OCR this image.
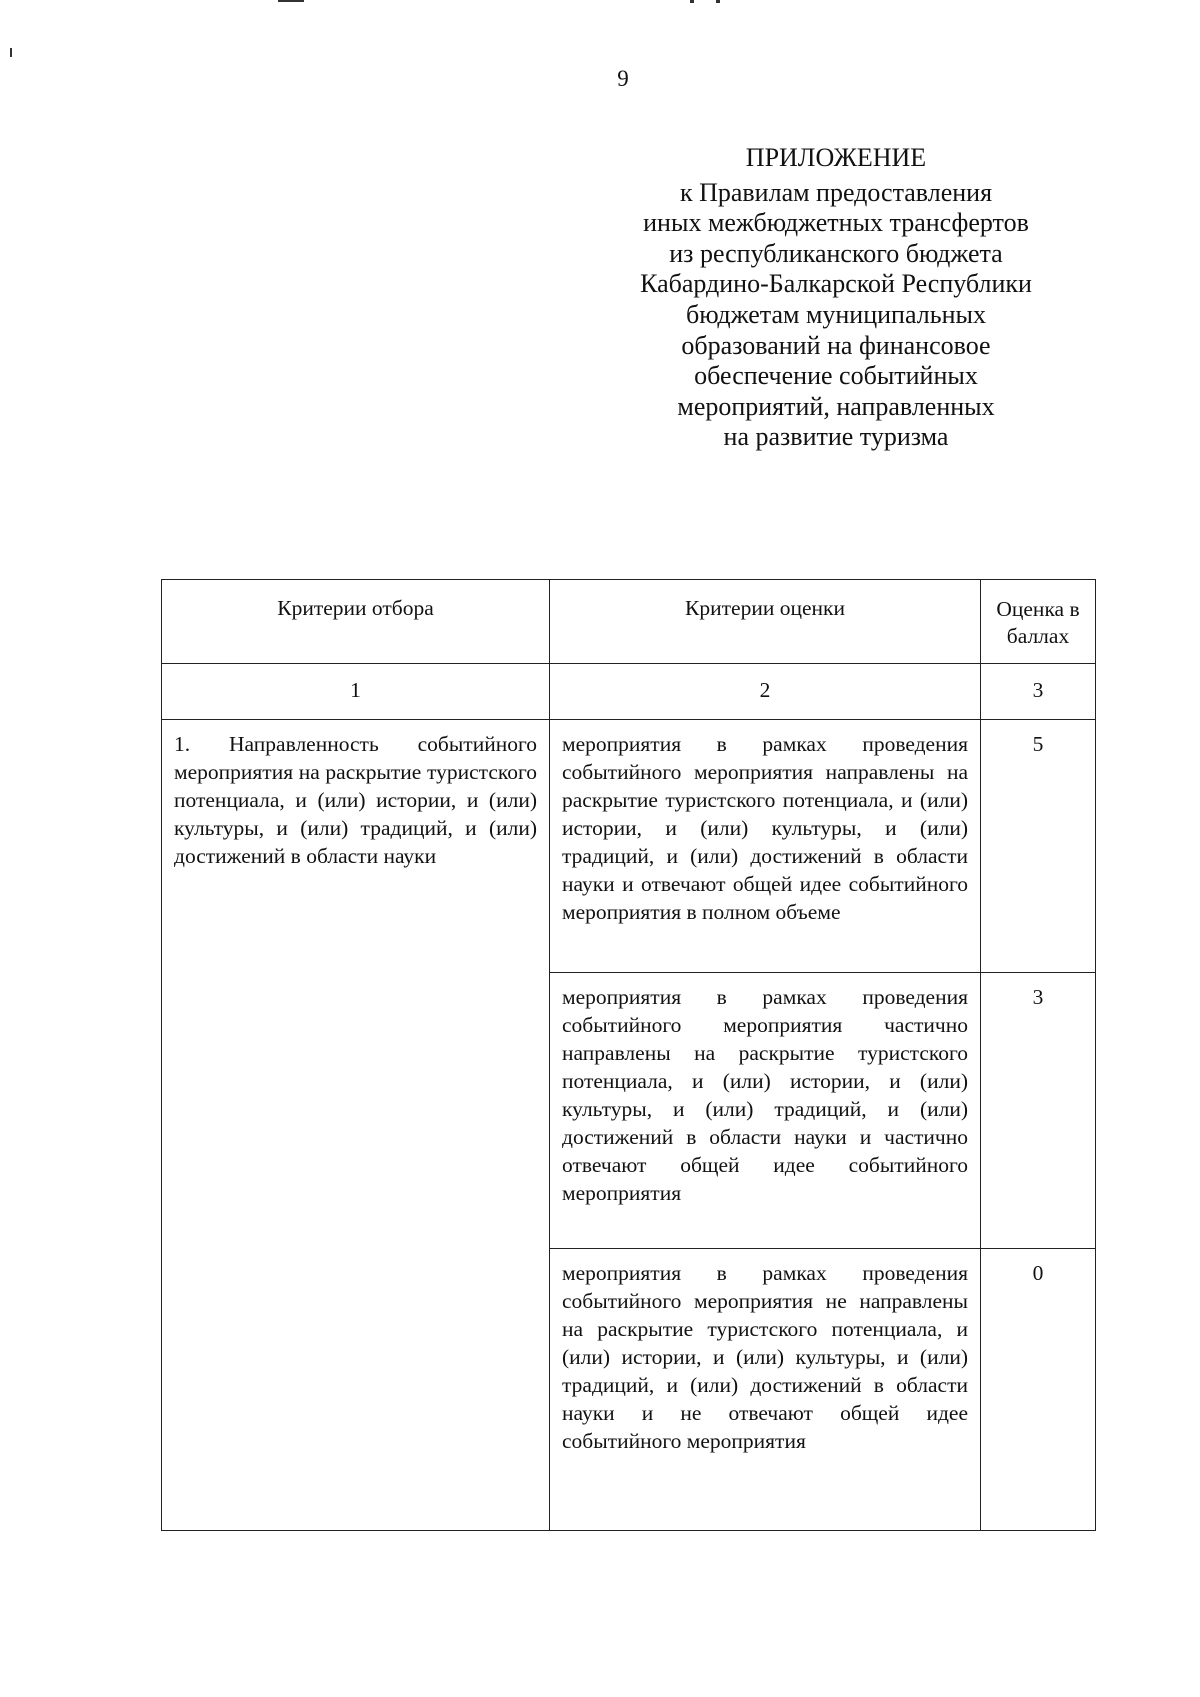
9
ПРИЛОЖЕНИЕ
к Правилам предоставления
иных межбюджетных трансфертов
из республиканского бюджета
Кабардино-Балкарской Республики
бюджетам муниципальных
образований на финансовое
обеспечение событийных
мероприятий, направленных
на развитие туризма
Критерии отбора	Критерии оценки	Оценка в баллах
1	2	3
1. Направленность событийного мероприятия на раскрытие туристского потенциала, и (или) истории, и (или) культуры, и (или) традиций, и (или) достижений в области науки	мероприятия в рамках проведения событийного мероприятия направлены на раскрытие туристского потенциала, и (или) истории, и (или) культуры, и (или) традиций, и (или) достижений в области науки и отвечают общей идее событийного мероприятия в полном объеме	5
	мероприятия в рамках проведения событийного мероприятия частично направлены на раскрытие туристского потенциала, и (или) истории, и (или) культуры, и (или) традиций, и (или) достижений в области науки и частично отвечают общей идее событийного мероприятия	3
	мероприятия в рамках проведения событийного мероприятия не направлены на раскрытие туристского потенциала, и (или) истории, и (или) культуры, и (или) традиций, и (или) достижений в области науки и не отвечают общей идее событийного мероприятия	0
